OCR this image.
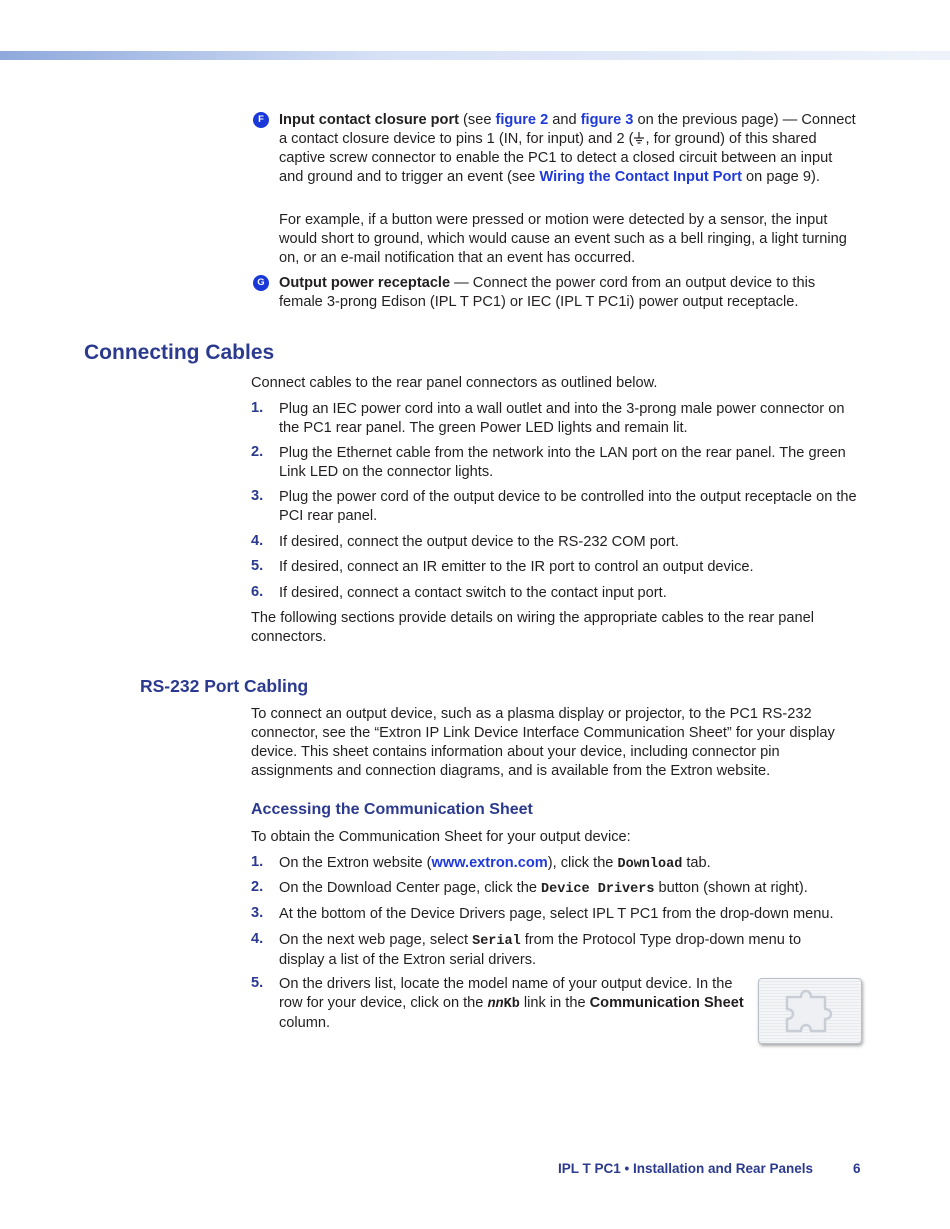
F	Input contact closure port (see figure 2 and figure 3 on the previous page) — Connect a contact closure device to pins 1 (IN, for input) and 2 ( , for ground) of this shared captive screw connector to enable the PC1 to detect a closed circuit between an input and ground and to trigger an event (see Wiring the Contact Input Port on page 9).
For example, if a button were pressed or motion were detected by a sensor, the input would short to ground, which would cause an event such as a bell ringing, a light turning on, or an e-mail notification that an event has occurred.
G Output power receptacle — Connect the power cord from an output device to this female 3-prong Edison (IPL T PC1) or IEC (IPL T PC1i) power output receptacle.
Connecting Cables
Connect cables to the rear panel connectors as outlined below.
1. Plug an IEC power cord into a wall outlet and into the 3-prong male power connector on the PC1 rear panel. The green Power LED lights and remain lit.
2. Plug the Ethernet cable from the network into the LAN port on the rear panel. The green Link LED on the connector lights.
3. Plug the power cord of the output device to be controlled into the output receptacle on the PCI rear panel.
4. If desired, connect the output device to the RS-232 COM port.
5. If desired, connect an IR emitter to the IR port to control an output device.
6. If desired, connect a contact switch to the contact input port.
The following sections provide details on wiring the appropriate cables to the rear panel connectors.
RS-232 Port Cabling
To connect an output device, such as a plasma display or projector, to the PC1 RS-232 connector, see the “Extron IP Link Device Interface Communication Sheet” for your display device. This sheet contains information about your device, including connector pin assignments and connection diagrams, and is available from the Extron website.
Accessing the Communication Sheet
To obtain the Communication Sheet for your output device:
1. On the Extron website (www.extron.com), click the Download tab.
2. On the Download Center page, click the Device Drivers button (shown at right).
3. At the bottom of the Device Drivers page, select IPL T PC1 from the drop-down menu.
4. On the next web page, select Serial from the Protocol Type drop-down menu to display a list of the Extron serial drivers.
5. On the drivers list, locate the model name of your output device. In the row for your device, click on the nnKb link in the Communication Sheet column.
IPL T PC1 • Installation and Rear Panels	6
